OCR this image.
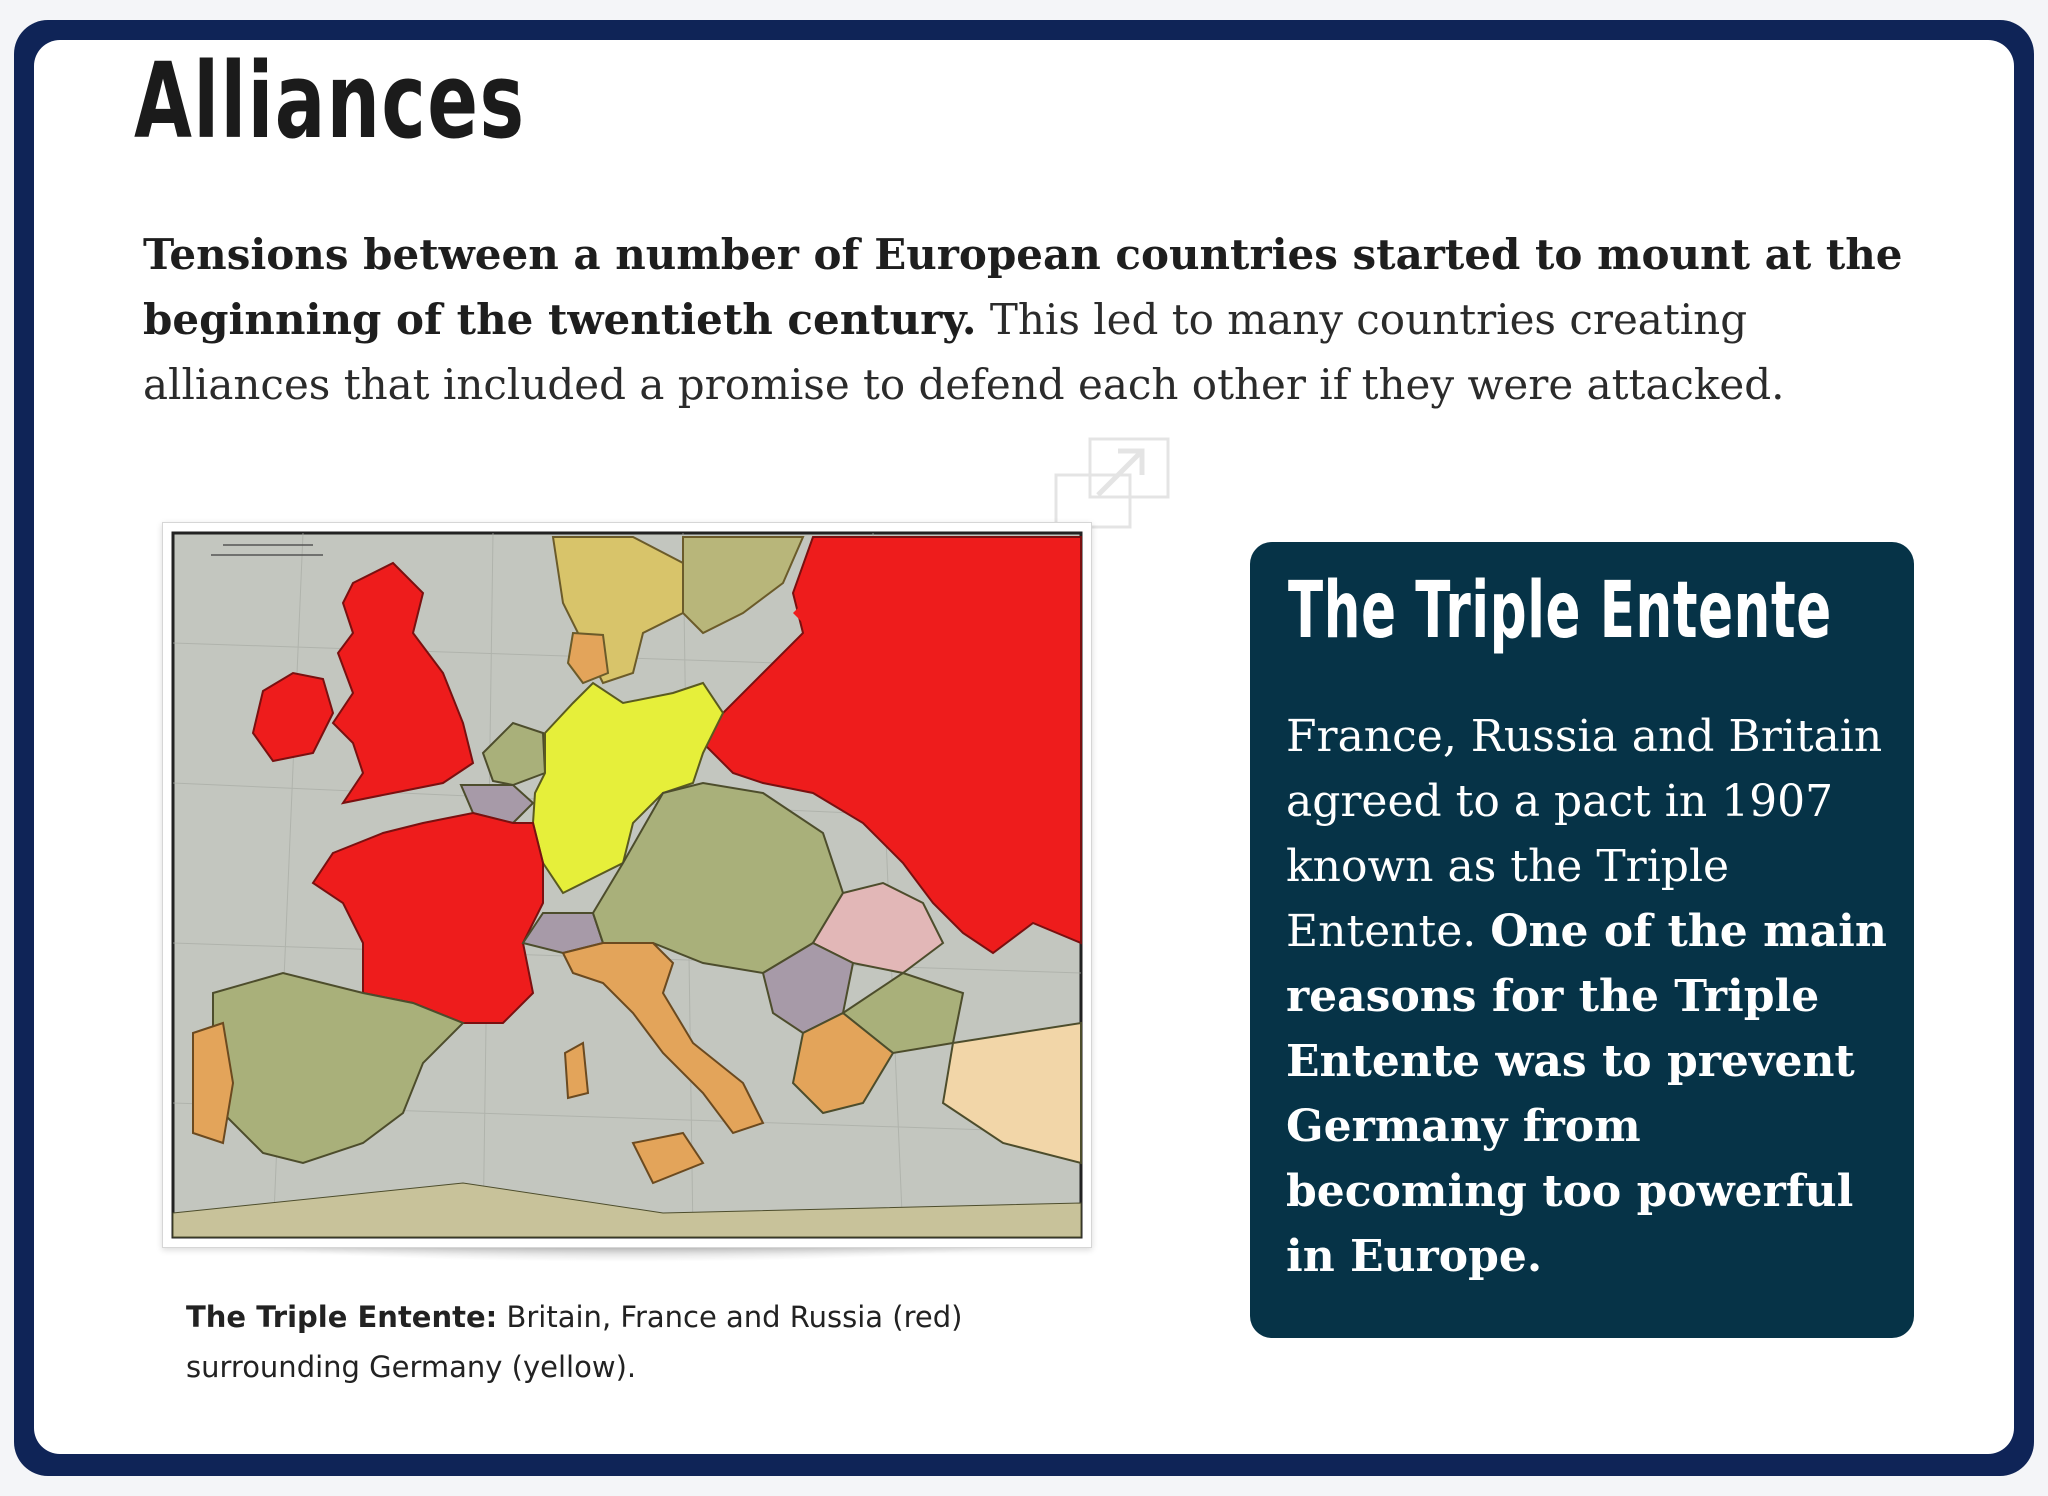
Alliances

Tensions between a number of European countries started to mount at the beginning of the twentieth century. This led to many countries creating alliances that included a promise to defend each other if they were attacked.

The Triple Entente: Britain, France and Russia (red) surrounding Germany (yellow).

The Triple Entente

France, Russia and Britain agreed to a pact in 1907 known as the Triple Entente. One of the main reasons for the Triple Entente was to prevent Germany from becoming too powerful in Europe.
